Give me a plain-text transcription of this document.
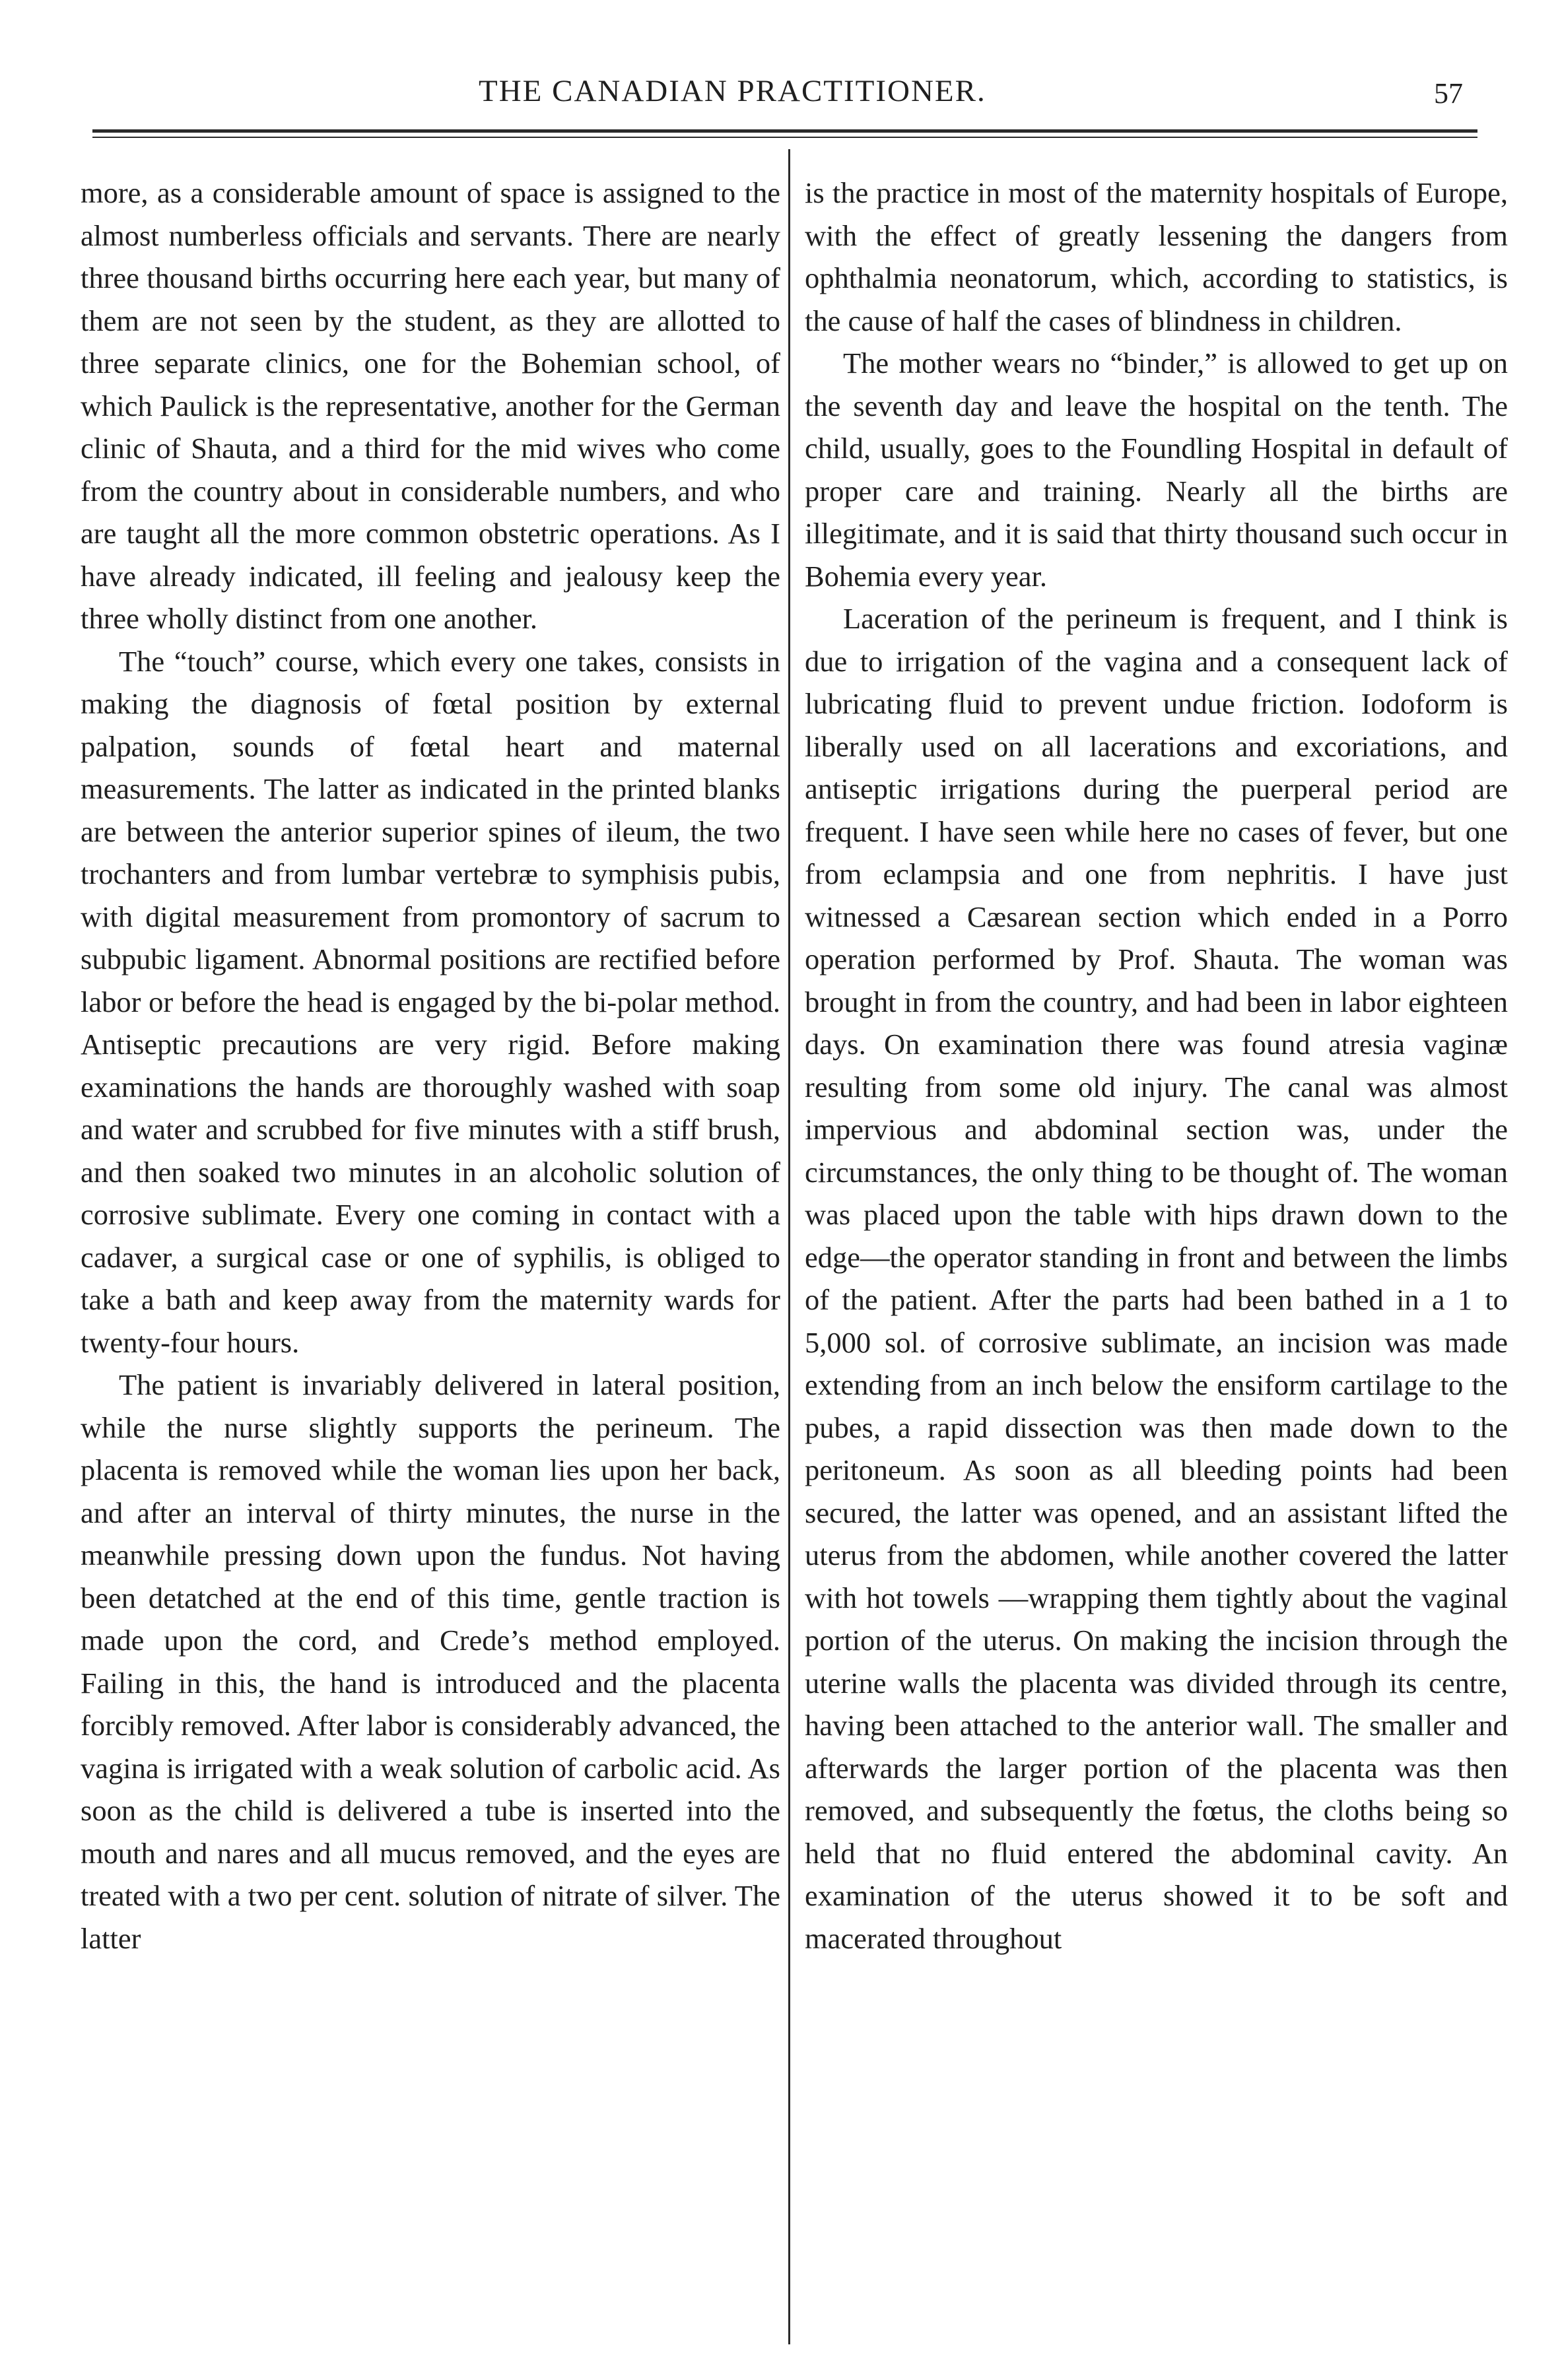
THE CANADIAN PRACTITIONER.	57

more, as a considerable amount of space is assigned to the almost numberless officials and servants. There are nearly three thousand births occurring here each year, but many of them are not seen by the student, as they are allotted to three separate clinics, one for the Bohemian school, of which Paulick is the representative, another for the German clinic of Shauta, and a third for the mid wives who come from the country about in considerable numbers, and who are taught all the more common obstetric operations. As I have already indicated, ill feeling and jealousy keep the three wholly distinct from one another.

The “touch” course, which every one takes, consists in making the diagnosis of fœtal position by external palpation, sounds of fœtal heart and maternal measurements. The latter as indicated in the printed blanks are between the anterior superior spines of ileum, the two trochanters and from lumbar vertebræ to symphisis pubis, with digital measurement from promontory of sacrum to subpubic ligament. Abnormal positions are rectified before labor or before the head is engaged by the bi-polar method. Antiseptic precautions are very rigid. Before making examinations the hands are thoroughly washed with soap and water and scrubbed for five minutes with a stiff brush, and then soaked two minutes in an alcoholic solution of corrosive sublimate. Every one coming in contact with a cadaver, a surgical case or one of syphilis, is obliged to take a bath and keep away from the maternity wards for twenty-four hours.

The patient is invariably delivered in lateral position, while the nurse slightly supports the perineum. The placenta is removed while the woman lies upon her back, and after an interval of thirty minutes, the nurse in the meanwhile pressing down upon the fundus. Not having been detatched at the end of this time, gentle traction is made upon the cord, and Crede’s method employed. Failing in this, the hand is introduced and the placenta forcibly removed. After labor is considerably advanced, the vagina is irrigated with a weak solution of carbolic acid. As soon as the child is delivered a tube is inserted into the mouth and nares and all mucus removed, and the eyes are treated with a two per cent. solution of nitrate of silver. The latter

is the practice in most of the maternity hospitals of Europe, with the effect of greatly lessening the dangers from ophthalmia neonatorum, which, according to statistics, is the cause of half the cases of blindness in children.

The mother wears no “binder,” is allowed to get up on the seventh day and leave the hospital on the tenth. The child, usually, goes to the Foundling Hospital in default of proper care and training. Nearly all the births are illegitimate, and it is said that thirty thousand such occur in Bohemia every year.

Laceration of the perineum is frequent, and I think is due to irrigation of the vagina and a consequent lack of lubricating fluid to prevent undue friction. Iodoform is liberally used on all lacerations and excoriations, and antiseptic irrigations during the puerperal period are frequent. I have seen while here no cases of fever, but one from eclampsia and one from nephritis. I have just witnessed a Cæsarean section which ended in a Porro operation performed by Prof. Shauta. The woman was brought in from the country, and had been in labor eighteen days. On examination there was found atresia vaginæ resulting from some old injury. The canal was almost impervious and abdominal section was, under the circumstances, the only thing to be thought of. The woman was placed upon the table with hips drawn down to the edge—the operator standing in front and between the limbs of the patient. After the parts had been bathed in a 1 to 5,000 sol. of corrosive sublimate, an incision was made extending from an inch below the ensiform cartilage to the pubes, a rapid dissection was then made down to the peritoneum. As soon as all bleeding points had been secured, the latter was opened, and an assistant lifted the uterus from the abdomen, while another covered the latter with hot towels —wrapping them tightly about the vaginal portion of the uterus. On making the incision through the uterine walls the placenta was divided through its centre, having been attached to the anterior wall. The smaller and afterwards the larger portion of the placenta was then removed, and subsequently the fœtus, the cloths being so held that no fluid entered the abdominal cavity. An examination of the uterus showed it to be soft and macerated throughout
